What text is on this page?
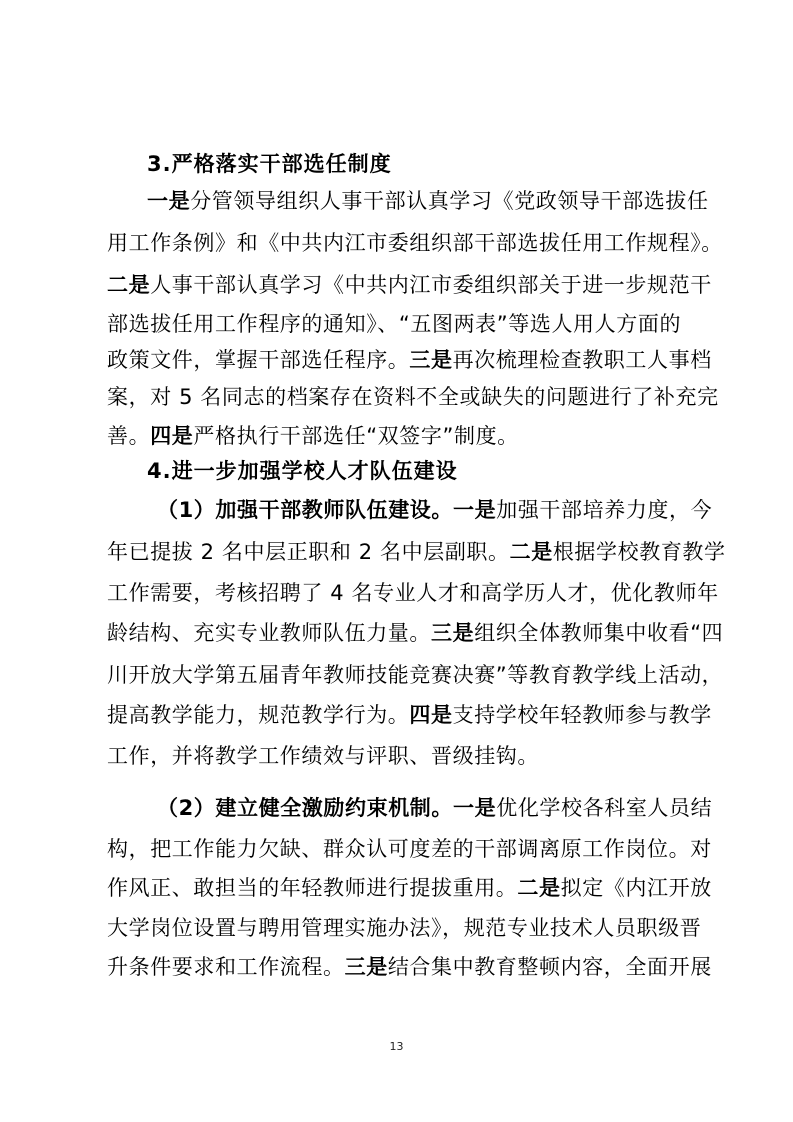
3.严格落实干部选任制度
一是分管领导组织人事干部认真学习《党政领导干部选拔任
用工作条例》和《中共内江市委组织部干部选拔任用工作规程》。
二是人事干部认真学习《中共内江市委组织部关于进一步规范干
部选拔任用工作程序的通知》、“五图两表”等选人用人方面的
政策文件，掌握干部选任程序。三是再次梳理检查教职工人事档
案，对 5 名同志的档案存在资料不全或缺失的问题进行了补充完
善。四是严格执行干部选任“双签字”制度。
4.进一步加强学校人才队伍建设
（1）加强干部教师队伍建设。一是加强干部培养力度，今
年已提拔 2 名中层正职和 2 名中层副职。二是根据学校教育教学
工作需要，考核招聘了 4 名专业人才和高学历人才，优化教师年
龄结构、充实专业教师队伍力量。三是组织全体教师集中收看“四
川开放大学第五届青年教师技能竞赛决赛”等教育教学线上活动，
提高教学能力，规范教学行为。四是支持学校年轻教师参与教学
工作，并将教学工作绩效与评职、晋级挂钩。
（2）建立健全激励约束机制。一是优化学校各科室人员结
构，把工作能力欠缺、群众认可度差的干部调离原工作岗位。对
作风正、敢担当的年轻教师进行提拔重用。二是拟定《内江开放
大学岗位设置与聘用管理实施办法》，规范专业技术人员职级晋
升条件要求和工作流程。三是结合集中教育整顿内容，全面开展
13
